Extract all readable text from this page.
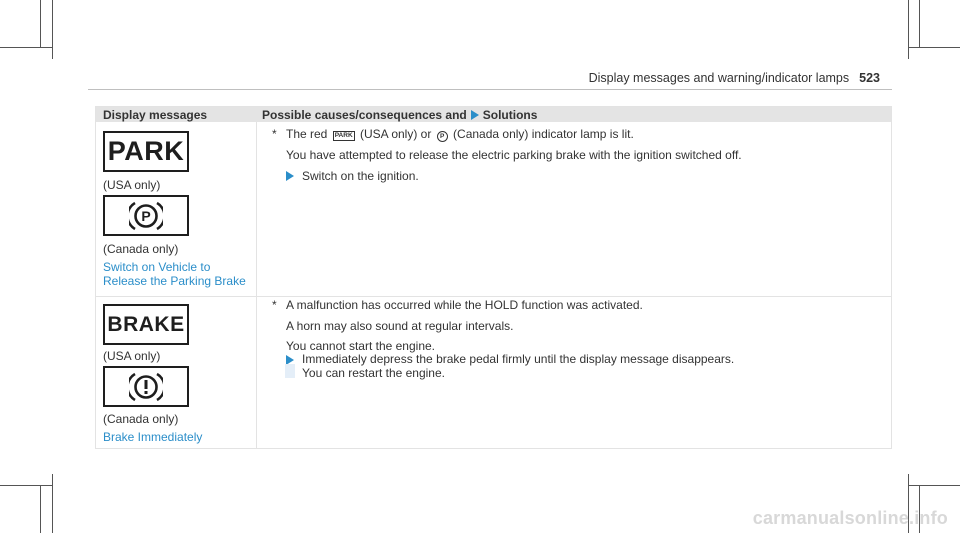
Display messages and warning/indicator lamps 523
Display messages	Possible causes/consequences and Solutions
PARK
(USA only)
P
(Canada only)
Switch on Vehicle to
Release the Parking Brake
* The red PARK (USA only) or P (Canada only) indicator lamp is lit.
You have attempted to release the electric parking brake with the ignition switched off.
Switch on the ignition.
BRAKE
(USA only)
(Canada only)
Brake Immediately
* A malfunction has occurred while the HOLD function was activated.
A horn may also sound at regular intervals.
You cannot start the engine.
Immediately depress the brake pedal firmly until the display message disappears.
You can restart the engine.
carmanualsonline.info
